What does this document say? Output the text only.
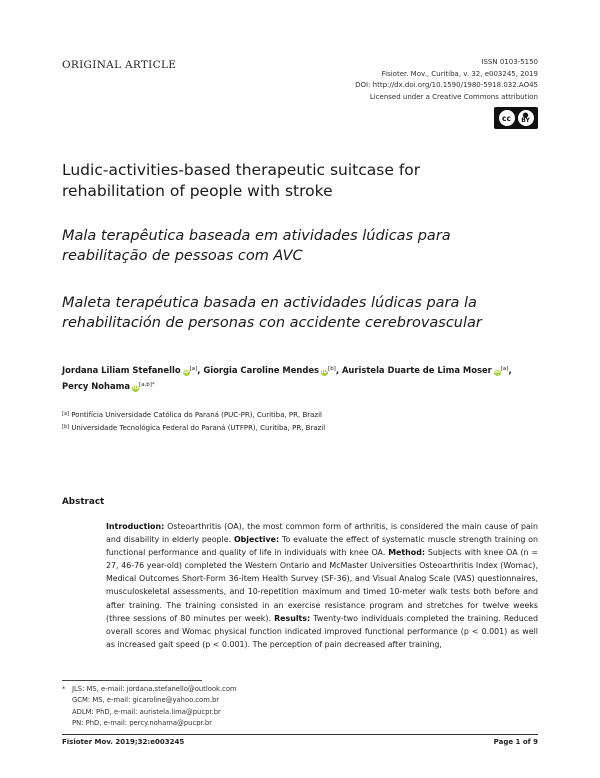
ORIGINAL ARTICLE	ISSN 0103-5150
Fisioter. Mov., Curitiba, v. 32, e003245, 2019
DOI: http://dx.doi.org/10.1590/1980-5918.032.AO45
Licensed under a Creative Commons attribution
cc	●
BY
Ludic-activities-based therapeutic suitcase for rehabilitation of people with stroke
Mala terapêutica baseada em atividades lúdicas para reabilitação de pessoas com AVC
Maleta terapéutica basada en actividades lúdicas para la rehabilitación de personas con accidente cerebrovascular
Jordana Liliam Stefanello iD[a], Giorgia Caroline Mendes iD[b], Auristela Duarte de Lima Moser iD[a],
Percy Nohama $iD^{[a,b]*}$
[a] Pontifícia Universidade Católica do Paraná (PUC-PR), Curitiba, PR, Brazil
[b] Universidade Tecnológica Federal do Paraná (UTFPR), Curitiba, PR, Brazil
Abstract
Introduction: Osteoarthritis (OA), the most common form of arthritis, is considered the main cause of pain and disability in elderly people. Objective: To evaluate the effect of systematic muscle strength training on functional performance and quality of life in individuals with knee OA. Method: Subjects with knee OA (n = 27, 46-76 year-old) completed the Western Ontario and McMaster Universities Osteoarthritis Index (Womac), Medical Outcomes Short-Form 36-item Health Survey (SF-36), and Visual Analog Scale (VAS) questionnaires, musculoskeletal assessments, and 10-repetition maximum and timed 10-meter walk tests both before and after training. The training consisted in an exercise resistance program and stretches for twelve weeks (three sessions of 80 minutes per week). Results: Twenty-two individuals completed the training. Reduced overall scores and Womac physical function indicated improved functional performance (p < 0.001) as well as increased gait speed (p < 0.001). The perception of pain decreased after training,
* JLS: MS, e-mail: jordana.stefanello@outlook.com
GCM: MS, e-mail: gicaroline@yahoo.com.br
ADLM: PhD, e-mail: auristela.lima@pucpr.br
PN: PhD, e-mail: percy.nohama@pucpr.br
Fisioter Mov. 2019;32:e003245	Page 1 of 9
